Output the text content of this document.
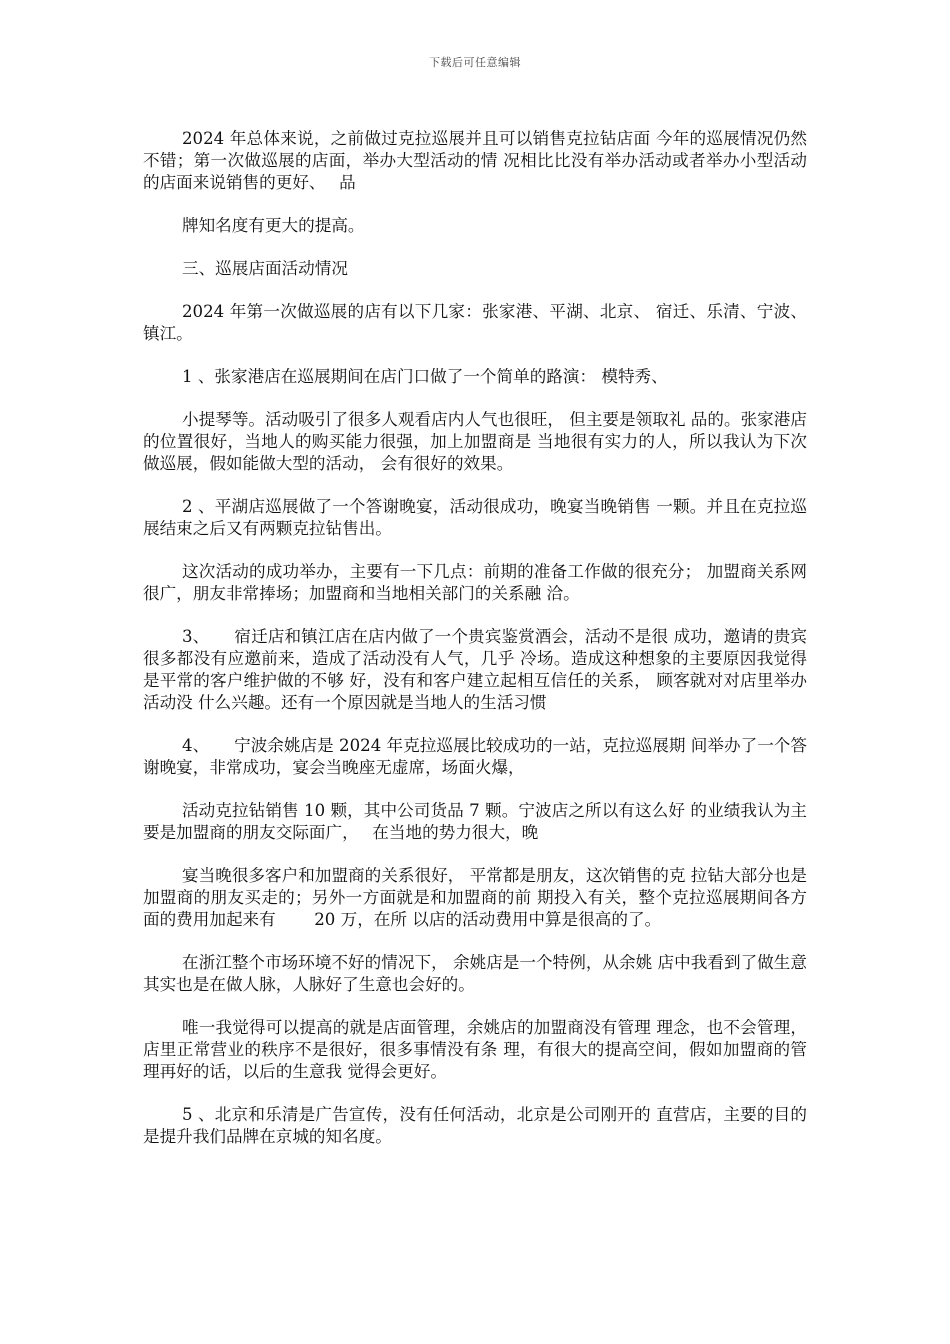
下载后可任意编辑

2024 年总体来说，之前做过克拉巡展并且可以销售克拉钻店面 今年的巡展情况仍然不错；第一次做巡展的店面，举办大型活动的情 况相比比没有举办活动或者举办小型活动的店面来说销售的更好、　 品

牌知名度有更大的提高。

三、巡展店面活动情况

2024 年第一次做巡展的店有以下几家：张家港、平湖、北京、 宿迁、乐清、宁波、镇江。

1 、张家港店在巡展期间在店门口做了一个简单的路演： 模特秀、

小提琴等。活动吸引了很多人观看店内人气也很旺， 但主要是领取礼 品的。张家港店的位置很好，当地人的购买能力很强，加上加盟商是 当地很有实力的人，所以我认为下次做巡展，假如能做大型的活动， 会有很好的效果。

2 、平湖店巡展做了一个答谢晚宴，活动很成功，晚宴当晚销售 一颗。并且在克拉巡展结束之后又有两颗克拉钻售出。

这次活动的成功举办，主要有一下几点：前期的准备工作做的很充分； 加盟商关系网很广，朋友非常捧场；加盟商和当地相关部门的关系融 洽。

3、　　宿迁店和镇江店在店内做了一个贵宾鉴赏酒会，活动不是很 成功，邀请的贵宾很多都没有应邀前来，造成了活动没有人气，几乎 冷场。造成这种想象的主要原因我觉得是平常的客户维护做的不够 好，没有和客户建立起相互信任的关系， 顾客就对对店里举办活动没 什么兴趣。还有一个原因就是当地人的生活习惯

4、　　宁波余姚店是 2024 年克拉巡展比较成功的一站，克拉巡展期 间举办了一个答谢晚宴，非常成功，宴会当晚座无虚席，场面火爆，

活动克拉钻销售 10 颗，其中公司货品 7 颗。宁波店之所以有这么好 的业绩我认为主要是加盟商的朋友交际面广，　 在当地的势力很大，晚

宴当晚很多客户和加盟商的关系很好， 平常都是朋友，这次销售的克 拉钻大部分也是加盟商的朋友买走的；另外一方面就是和加盟商的前 期投入有关，整个克拉巡展期间各方面的费用加起来有　　 20 万，在所 以店的活动费用中算是很高的了。

在浙江整个市场环境不好的情况下， 余姚店是一个特例，从余姚 店中我看到了做生意其实也是在做人脉，人脉好了生意也会好的。

唯一我觉得可以提高的就是店面管理，余姚店的加盟商没有管理 理念，也不会管理，店里正常营业的秩序不是很好，很多事情没有条 理，有很大的提高空间，假如加盟商的管理再好的话，以后的生意我 觉得会更好。

5 、北京和乐清是广告宣传，没有任何活动，北京是公司刚开的 直营店，主要的目的是提升我们品牌在京城的知名度。
